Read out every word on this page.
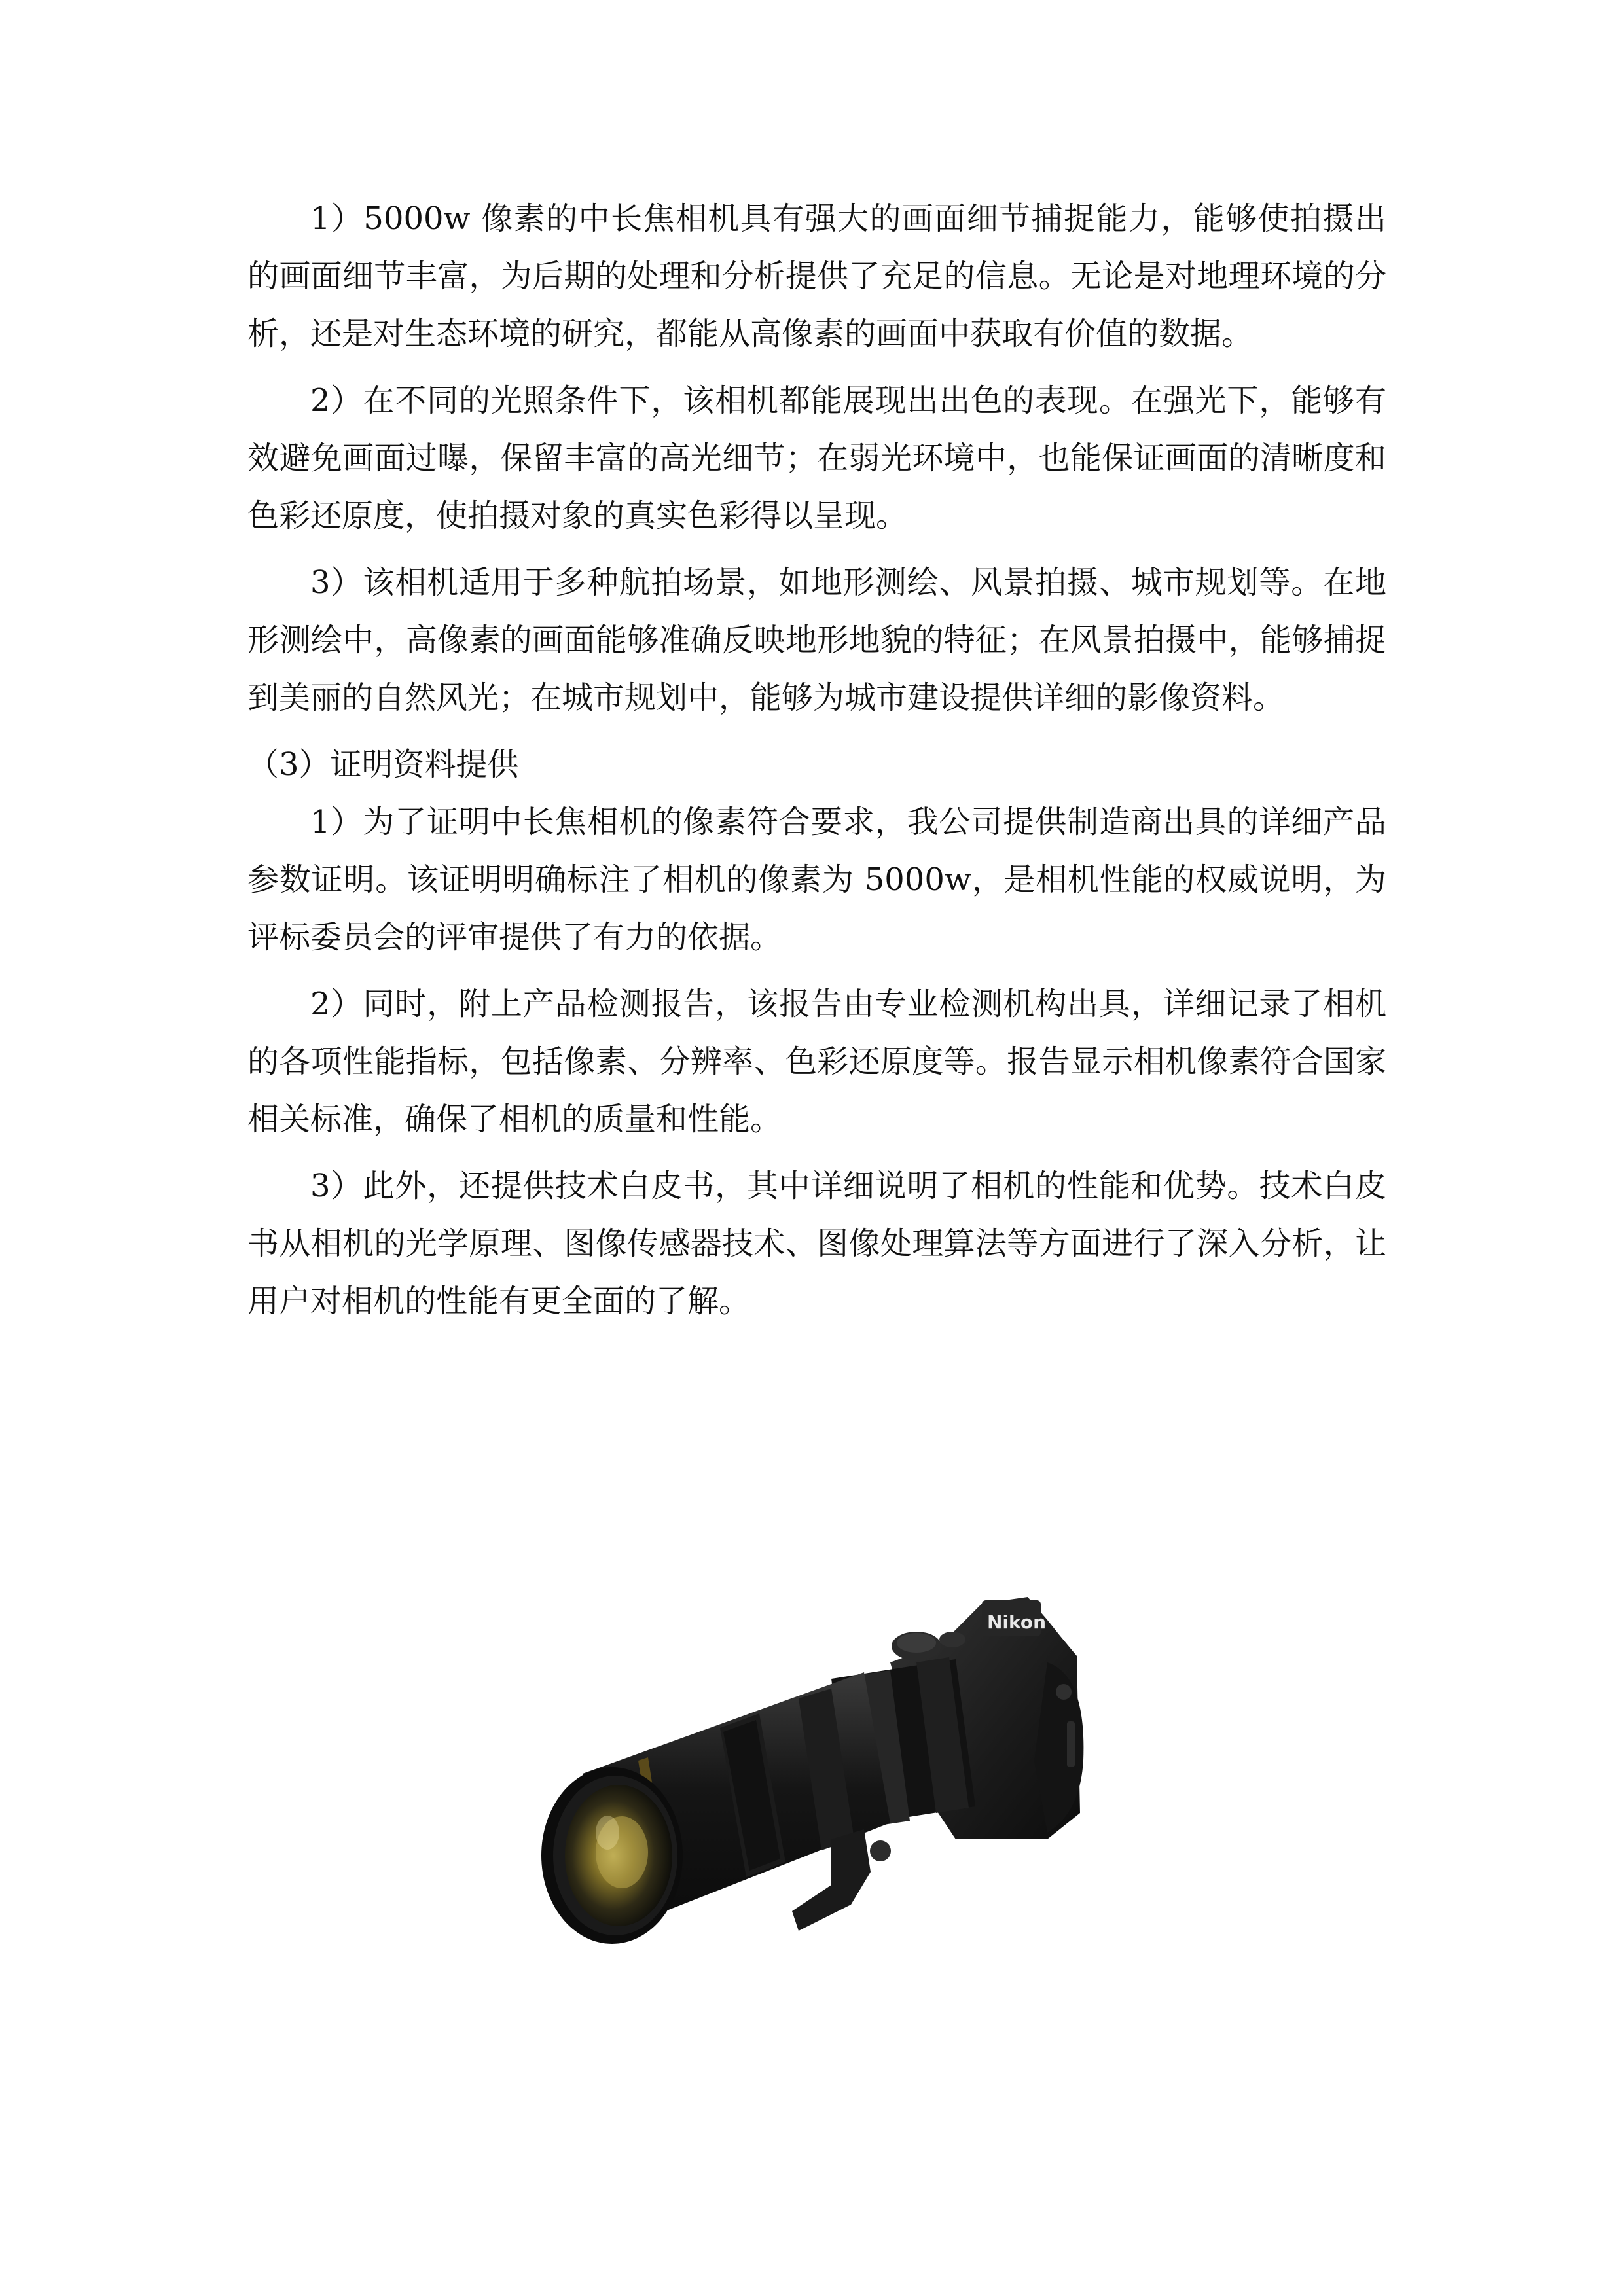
1）5000w 像素的中长焦相机具有强大的画面细节捕捉能力，能够使拍摄出的画面细节丰富，为后期的处理和分析提供了充足的信息。无论是对地理环境的分析，还是对生态环境的研究，都能从高像素的画面中获取有价值的数据。

2）在不同的光照条件下，该相机都能展现出出色的表现。在强光下，能够有效避免画面过曝，保留丰富的高光细节；在弱光环境中，也能保证画面的清晰度和色彩还原度，使拍摄对象的真实色彩得以呈现。

3）该相机适用于多种航拍场景，如地形测绘、风景拍摄、城市规划等。在地形测绘中，高像素的画面能够准确反映地形地貌的特征；在风景拍摄中，能够捕捉到美丽的自然风光；在城市规划中，能够为城市建设提供详细的影像资料。

（3）证明资料提供

1）为了证明中长焦相机的像素符合要求，我公司提供制造商出具的详细产品参数证明。该证明明确标注了相机的像素为 5000w，是相机性能的权威说明，为评标委员会的评审提供了有力的依据。

2）同时，附上产品检测报告，该报告由专业检测机构出具，详细记录了相机的各项性能指标，包括像素、分辨率、色彩还原度等。报告显示相机像素符合国家相关标准，确保了相机的质量和性能。

3）此外，还提供技术白皮书，其中详细说明了相机的性能和优势。技术白皮书从相机的光学原理、图像传感器技术、图像处理算法等方面进行了深入分析，让用户对相机的性能有更全面的了解。

Nikon
